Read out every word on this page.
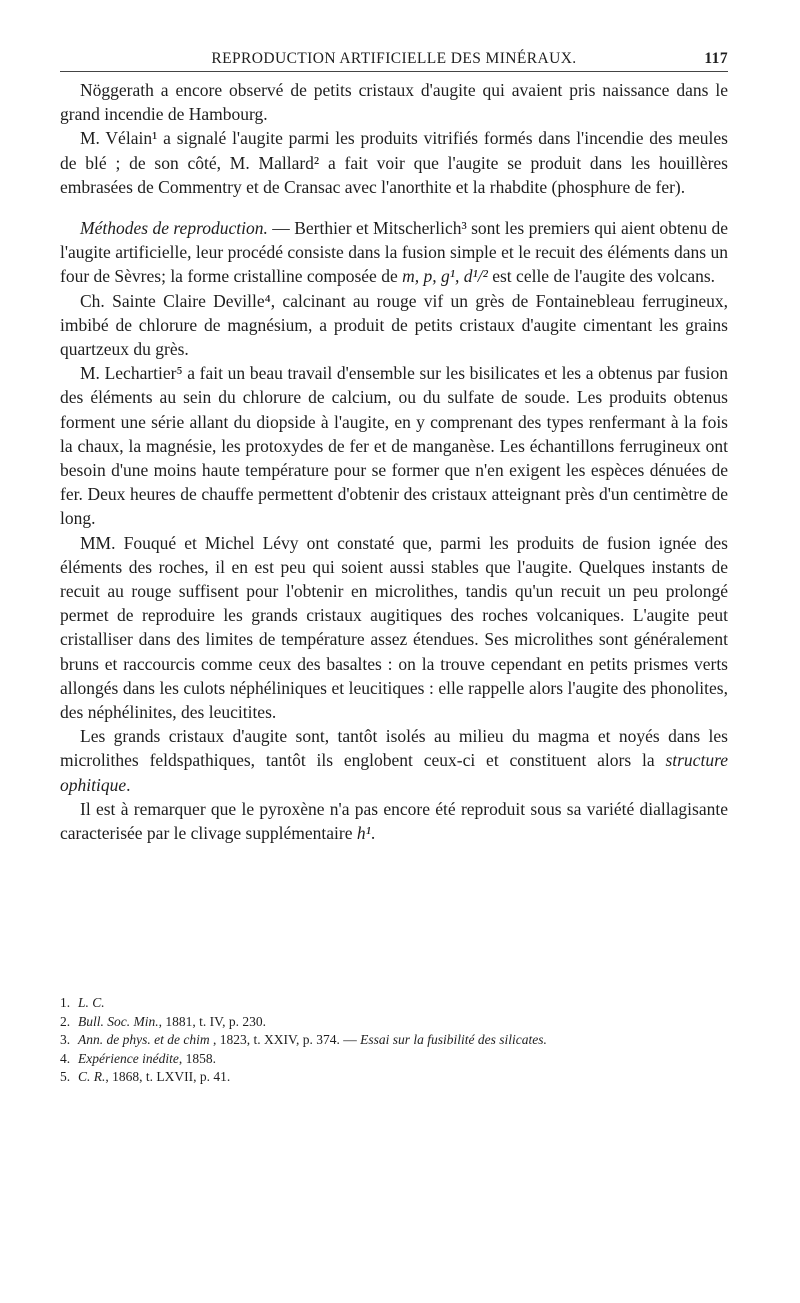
REPRODUCTION ARTIFICIELLE DES MINÉRAUX.	117

Nöggerath a encore observé de petits cristaux d'augite qui avaient pris naissance dans le grand incendie de Hambourg.

M. Vélain¹ a signalé l'augite parmi les produits vitrifiés formés dans l'incendie des meules de blé ; de son côté, M. Mallard² a fait voir que l'augite se produit dans les houillères embrasées de Commentry et de Cransac avec l'anorthite et la rhabdite (phosphure de fer).

Méthodes de reproduction. — Berthier et Mitscherlich³ sont les premiers qui aient obtenu de l'augite artificielle, leur procédé consiste dans la fusion simple et le recuit des éléments dans un four de Sèvres; la forme cristalline composée de m, p, g¹, d¹/² est celle de l'augite des volcans.

Ch. Sainte Claire Deville⁴, calcinant au rouge vif un grès de Fontainebleau ferrugineux, imbibé de chlorure de magnésium, a produit de petits cristaux d'augite cimentant les grains quartzeux du grès.

M. Lechartier⁵ a fait un beau travail d'ensemble sur les bisilicates et les a obtenus par fusion des éléments au sein du chlorure de calcium, ou du sulfate de soude. Les produits obtenus forment une série allant du diopside à l'augite, en y comprenant des types renfermant à la fois la chaux, la magnésie, les protoxydes de fer et de manganèse. Les échantillons ferrugineux ont besoin d'une moins haute température pour se former que n'en exigent les espèces dénuées de fer. Deux heures de chauffe permettent d'obtenir des cristaux atteignant près d'un centimètre de long.

MM. Fouqué et Michel Lévy ont constaté que, parmi les produits de fusion ignée des éléments des roches, il en est peu qui soient aussi stables que l'augite. Quelques instants de recuit au rouge suffisent pour l'obtenir en microlithes, tandis qu'un recuit un peu prolongé permet de reproduire les grands cristaux augitiques des roches volcaniques. L'augite peut cristalliser dans des limites de température assez étendues. Ses microlithes sont généralement bruns et raccourcis comme ceux des basaltes : on la trouve cependant en petits prismes verts allongés dans les culots néphéliniques et leucitiques : elle rappelle alors l'augite des phonolites, des néphélinites, des leucitites.

Les grands cristaux d'augite sont, tantôt isolés au milieu du magma et noyés dans les microlithes feldspathiques, tantôt ils englobent ceux-ci et constituent alors la structure ophitique.

Il est à remarquer que le pyroxène n'a pas encore été reproduit sous sa variété diallagisante caracterisée par le clivage supplémentaire h¹.

1. L. C.

2. Bull. Soc. Min., 1881, t. IV, p. 230.

3. Ann. de phys. et de chim , 1823, t. XXIV, p. 374. — Essai sur la fusibilité des silicates.

4. Expérience inédite, 1858.

5. C. R., 1868, t. LXVII, p. 41.
